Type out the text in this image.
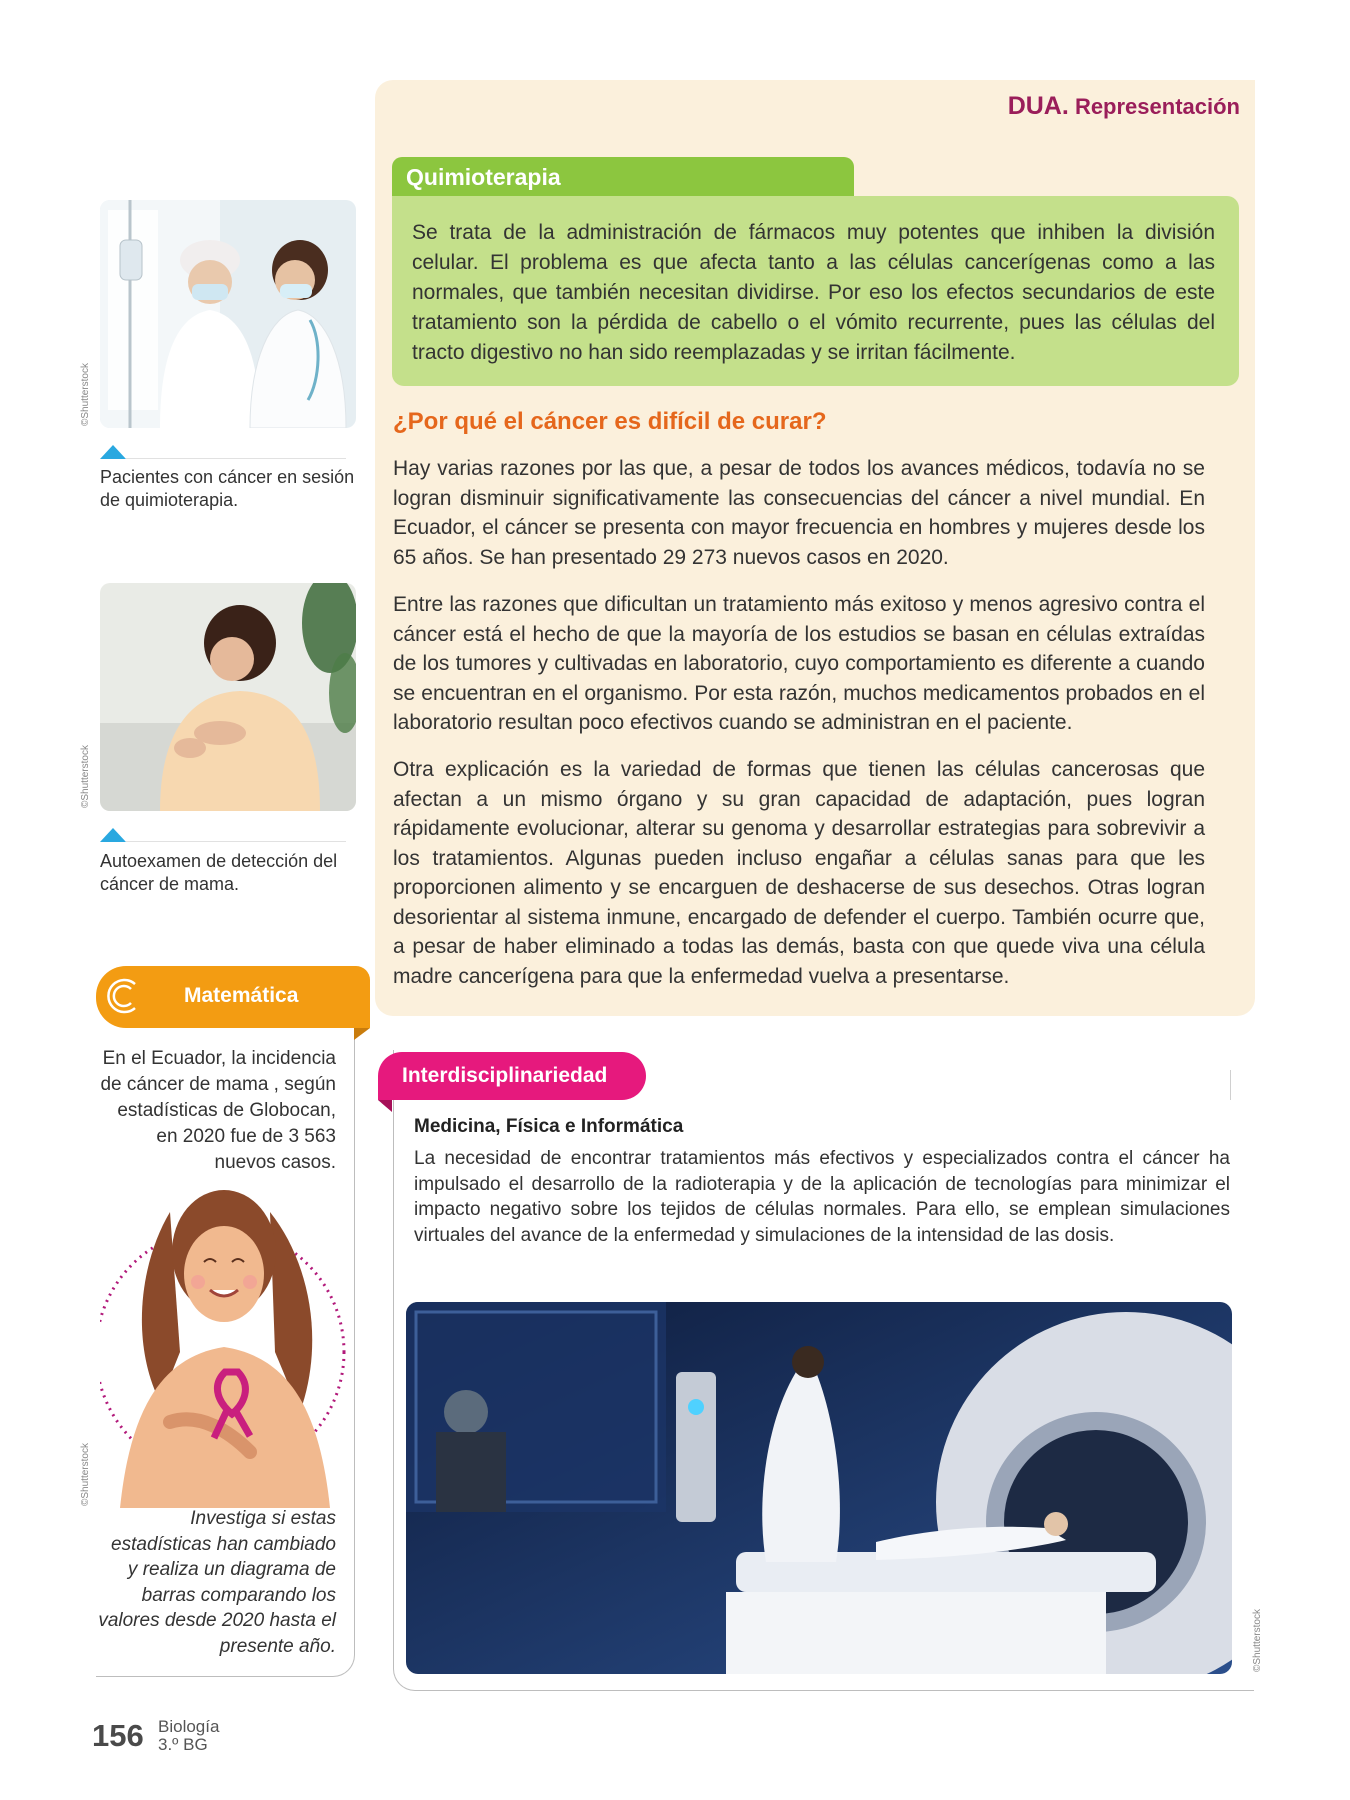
DUA. Representación
Quimioterapia
Se trata de la administración de fármacos muy potentes que inhiben la división celular. El problema es que afecta tanto a las células cancerígenas como a las normales, que también necesitan dividirse. Por eso los efectos secundarios de este tratamiento son la pérdida de cabello o el vómito recurrente, pues las células del tracto digestivo no han sido reemplazadas y se irritan fácilmente.
¿Por qué el cáncer es difícil de curar?

Hay varias razones por las que, a pesar de todos los avances médicos, todavía no se logran disminuir significativamente las consecuencias del cáncer a nivel mundial. En Ecuador, el cáncer se presenta con mayor frecuencia en hombres y mujeres desde los 65 años. Se han presentado 29 273 nuevos casos en 2020.

Entre las razones que dificultan un tratamiento más exitoso y menos agresivo contra el cáncer está el hecho de que la mayoría de los estudios se basan en células extraídas de los tumores y cultivadas en laboratorio, cuyo comportamiento es diferente a cuando se encuentran en el organismo. Por esta razón, muchos medicamentos probados en el laboratorio resultan poco efectivos cuando se administran en el paciente.

Otra explicación es la variedad de formas que tienen las células cancerosas que afectan a un mismo órgano y su gran capacidad de adaptación, pues logran rápidamente evolucionar, alterar su genoma y desarrollar estrategias para sobrevivir a los tratamientos. Algunas pueden incluso engañar a células sanas para que les proporcionen alimento y se encarguen de deshacerse de sus desechos. Otras logran desorientar al sistema inmune, encargado de defender el cuerpo. También ocurre que, a pesar de haber eliminado a todas las demás, basta con que quede viva una célula madre cancerígena para que la enfermedad vuelva a presentarse.

©Shutterstock
Pacientes con cáncer en sesión de quimioterapia.
©Shutterstock
Autoexamen de detección del cáncer de mama.
Matemática
En el Ecuador, la incidencia de cáncer de mama , según estadísticas de Globocan, en 2020 fue de 3 563 nuevos casos.
©Shutterstock
Investiga si estas estadísticas han cambiado y realiza un diagrama de barras comparando los valores desde 2020 hasta el presente año.
Interdisciplinariedad
Medicina, Física e Informática
La necesidad de encontrar tratamientos más efectivos y especializados contra el cáncer ha impulsado el desarrollo de la radioterapia y de la aplicación de tecnologías para minimizar el impacto negativo sobre los tejidos de células normales. Para ello, se emplean simulaciones virtuales del avance de la enfermedad y simulaciones de la intensidad de las dosis.
©Shutterstock
156 Biología
3.º BG
